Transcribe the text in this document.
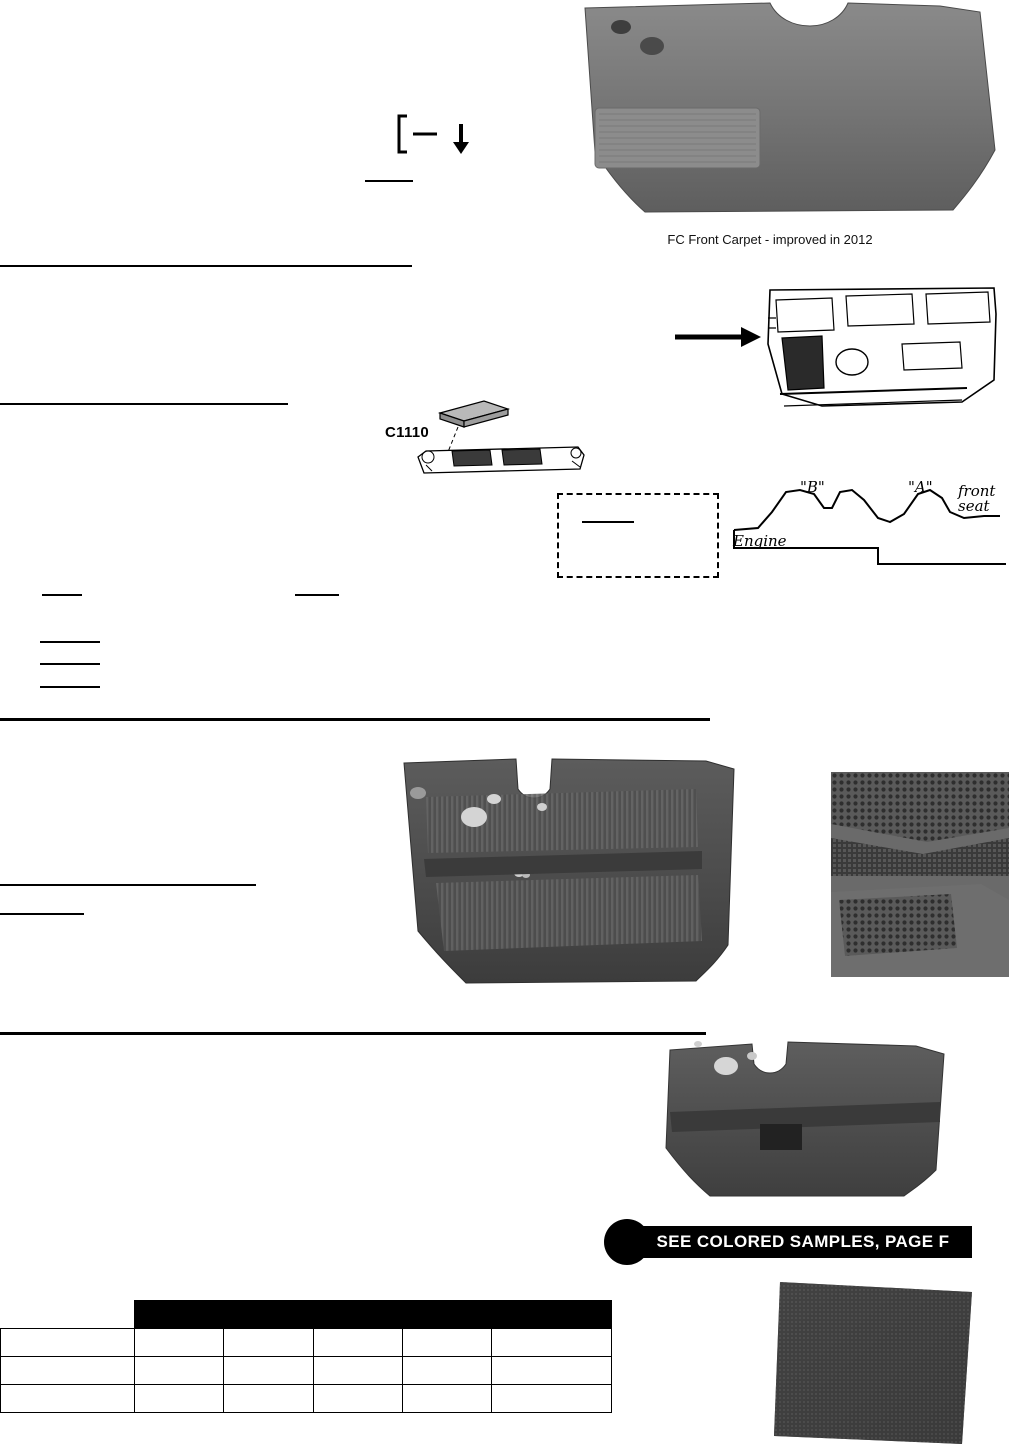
FC Front Carpet - improved in 2012
C1110
"B"	"A" front seat
Engine
SEE COLORED SAMPLES, PAGE F
